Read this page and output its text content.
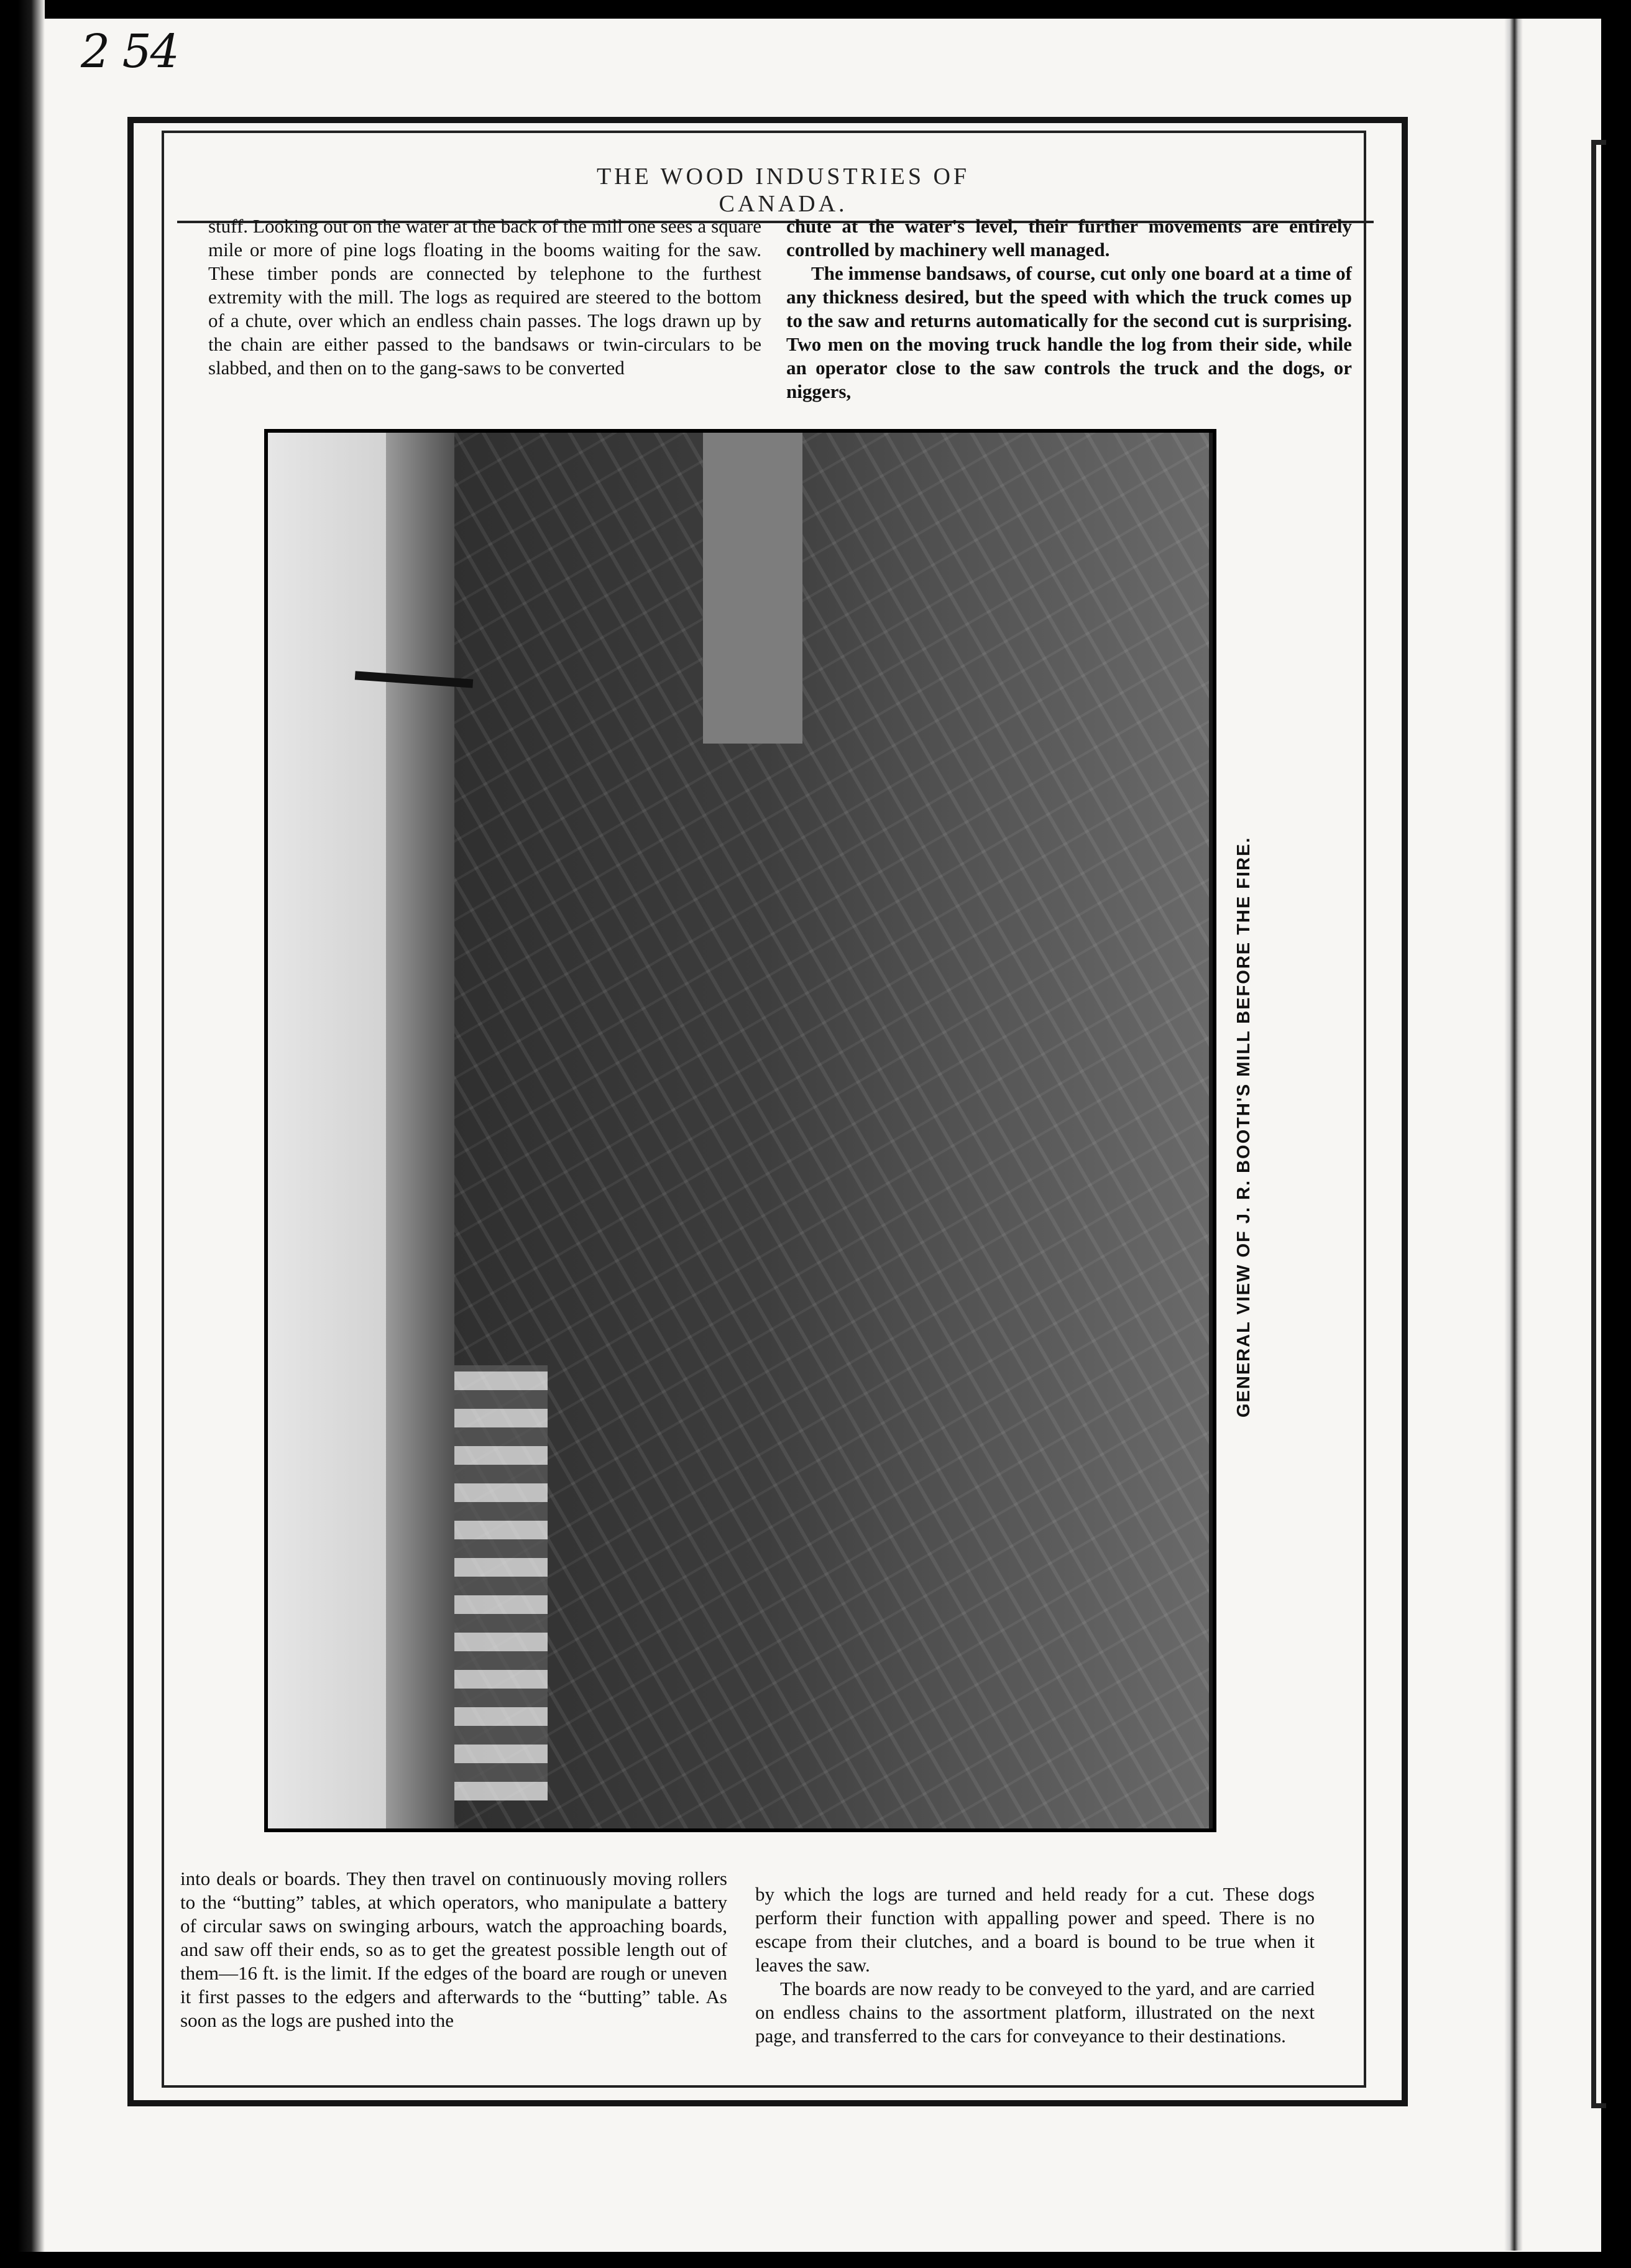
2 54
THE WOOD INDUSTRIES OF CANADA.

stuff. Looking out on the water at the back of the mill one sees a square mile or more of pine logs floating in the booms waiting for the saw. These timber ponds are connected by telephone to the furthest extremity with the mill. The logs as required are steered to the bottom of a chute, over which an endless chain passes. The logs drawn up by the chain are either passed to the bandsaws or twin-circulars to be slabbed, and then on to the gang-saws to be converted

chute at the water's level, their further movements are entirely controlled by machinery well managed.

The immense bandsaws, of course, cut only one board at a time of any thickness desired, but the speed with which the truck comes up to the saw and returns automatically for the second cut is surprising. Two men on the moving truck handle the log from their side, while an operator close to the saw controls the truck and the dogs, or niggers,

GENERAL VIEW OF J. R. BOOTH'S MILL BEFORE THE FIRE.

into deals or boards. They then travel on continuously moving rollers to the “butting” tables, at which operators, who manipulate a battery of circular saws on swinging arbours, watch the approaching boards, and saw off their ends, so as to get the greatest possible length out of them—16 ft. is the limit. If the edges of the board are rough or uneven it first passes to the edgers and afterwards to the “butting” table. As soon as the logs are pushed into the

by which the logs are turned and held ready for a cut. These dogs perform their function with appalling power and speed. There is no escape from their clutches, and a board is bound to be true when it leaves the saw.

The boards are now ready to be conveyed to the yard, and are carried on endless chains to the assortment platform, illustrated on the next page, and transferred to the cars for conveyance to their destinations.
